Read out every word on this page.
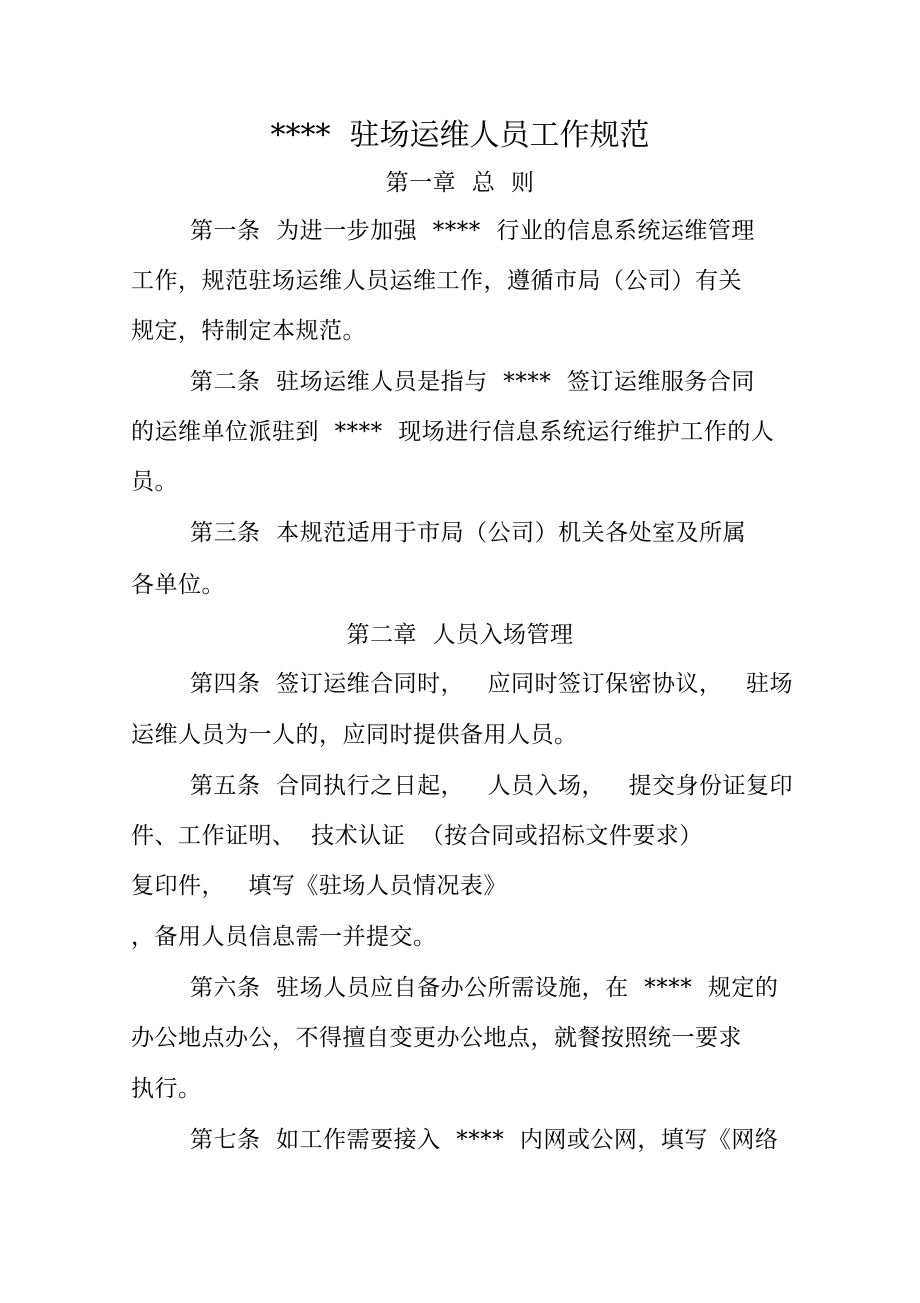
****  驻场运维人员工作规范
第一章  总  则
第一条  为进一步加强  ****  行业的信息系统运维管理
工作，规范驻场运维人员运维工作，遵循市局（公司）有关
规定，特制定本规范。
第二条  驻场运维人员是指与  ****  签订运维服务合同
的运维单位派驻到  ****  现场进行信息系统运行维护工作的人
员。
第三条  本规范适用于市局（公司）机关各处室及所属
各单位。
第二章  人员入场管理
第四条  签订运维合同时，   应同时签订保密协议，   驻场
运维人员为一人的，应同时提供备用人员。
第五条  合同执行之日起，   人员入场，   提交身份证复印
件、工作证明、  技术认证  （按合同或招标文件要求）
复印件，   填写《驻场人员情况表》
，备用人员信息需一并提交。
第六条  驻场人员应自备办公所需设施，在  ****  规定的
办公地点办公，不得擅自变更办公地点，就餐按照统一要求
执行。
第七条  如工作需要接入  ****  内网或公网，填写《网络
